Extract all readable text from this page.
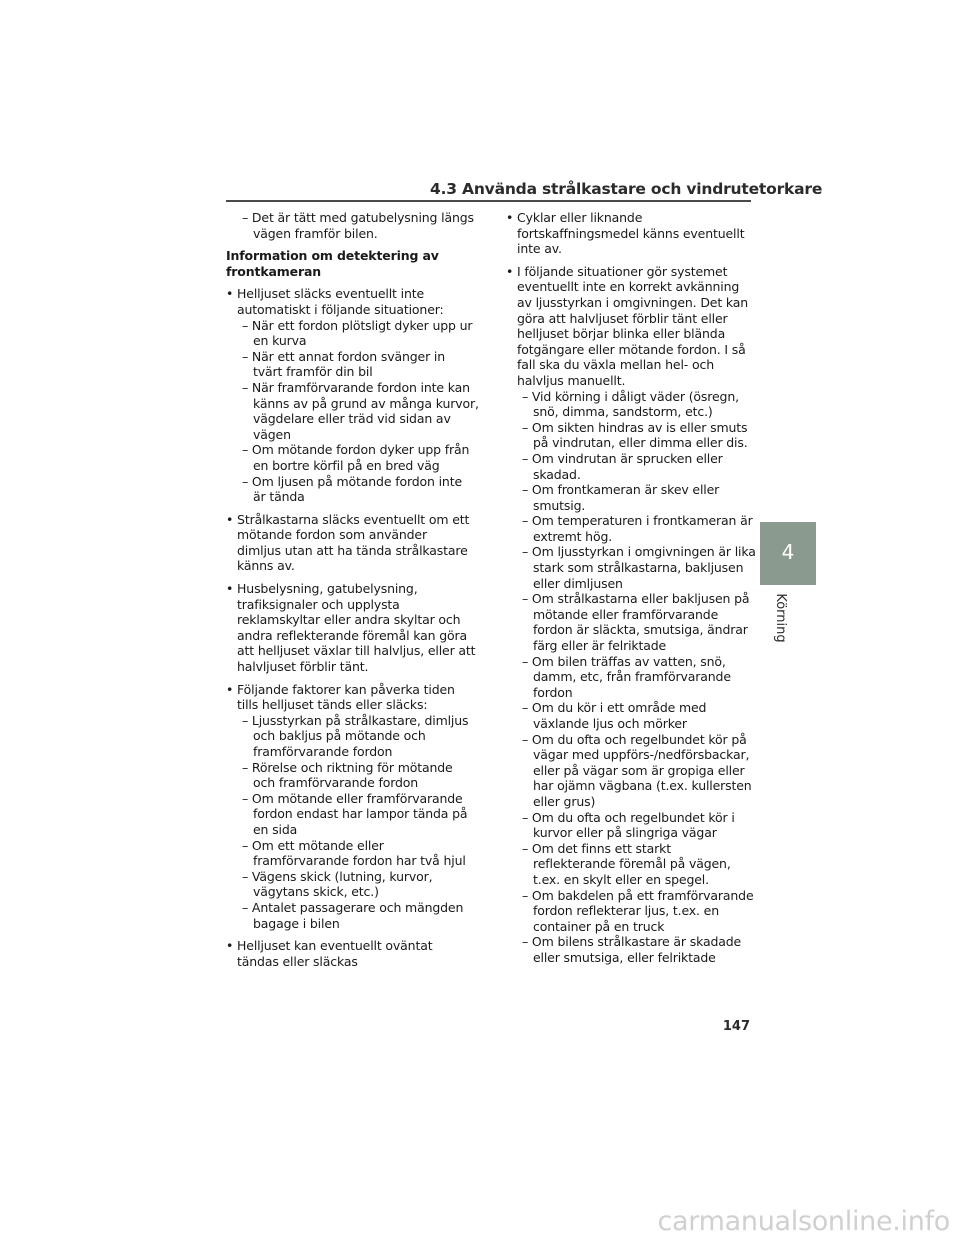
4.3 Använda strålkastare och vindrutetorkare
– Det är tätt med gatubelysning längs
vägen framför bilen.
Information om detektering av
frontkameran
• Helljuset släcks eventuellt inte
automatiskt i följande situationer:
– När ett fordon plötsligt dyker upp ur
en kurva
– När ett annat fordon svänger in
tvärt framför din bil
– När framförvarande fordon inte kan
känns av på grund av många kurvor,
vägdelare eller träd vid sidan av
vägen
– Om mötande fordon dyker upp från
en bortre körfil på en bred väg
– Om ljusen på mötande fordon inte
är tända
• Strålkastarna släcks eventuellt om ett
mötande fordon som använder
dimljus utan att ha tända strålkastare
känns av.
• Husbelysning, gatubelysning,
trafiksignaler och upplysta
reklamskyltar eller andra skyltar och
andra reflekterande föremål kan göra
att helljuset växlar till halvljus, eller att
halvljuset förblir tänt.
• Följande faktorer kan påverka tiden
tills helljuset tänds eller släcks:
– Ljusstyrkan på strålkastare, dimljus
och bakljus på mötande och
framförvarande fordon
– Rörelse och riktning för mötande
och framförvarande fordon
– Om mötande eller framförvarande
fordon endast har lampor tända på
en sida
– Om ett mötande eller
framförvarande fordon har två hjul
– Vägens skick (lutning, kurvor,
vägytans skick, etc.)
– Antalet passagerare och mängden
bagage i bilen
• Helljuset kan eventuellt oväntat
tändas eller släckas
• Cyklar eller liknande
fortskaffningsmedel känns eventuellt
inte av.
• I följande situationer gör systemet
eventuellt inte en korrekt avkänning
av ljusstyrkan i omgivningen. Det kan
göra att halvljuset förblir tänt eller
helljuset börjar blinka eller blända
fotgängare eller mötande fordon. I så
fall ska du växla mellan hel- och
halvljus manuellt.
– Vid körning i dåligt väder (ösregn,
snö, dimma, sandstorm, etc.)
– Om sikten hindras av is eller smuts
på vindrutan, eller dimma eller dis.
– Om vindrutan är sprucken eller
skadad.
– Om frontkameran är skev eller
smutsig.
– Om temperaturen i frontkameran är
extremt hög.
– Om ljusstyrkan i omgivningen är lika
stark som strålkastarna, bakljusen
eller dimljusen
– Om strålkastarna eller bakljusen på
mötande eller framförvarande
fordon är släckta, smutsiga, ändrar
färg eller är felriktade
– Om bilen träffas av vatten, snö,
damm, etc, från framförvarande
fordon
– Om du kör i ett område med
växlande ljus och mörker
– Om du ofta och regelbundet kör på
vägar med uppförs-/nedförsbackar,
eller på vägar som är gropiga eller
har ojämn vägbana (t.ex. kullersten
eller grus)
– Om du ofta och regelbundet kör i
kurvor eller på slingriga vägar
– Om det finns ett starkt
reflekterande föremål på vägen,
t.ex. en skylt eller en spegel.
– Om bakdelen på ett framförvarande
fordon reflekterar ljus, t.ex. en
container på en truck
– Om bilens strålkastare är skadade
eller smutsiga, eller felriktade
4
Körning
147
carmanualsonline.info
